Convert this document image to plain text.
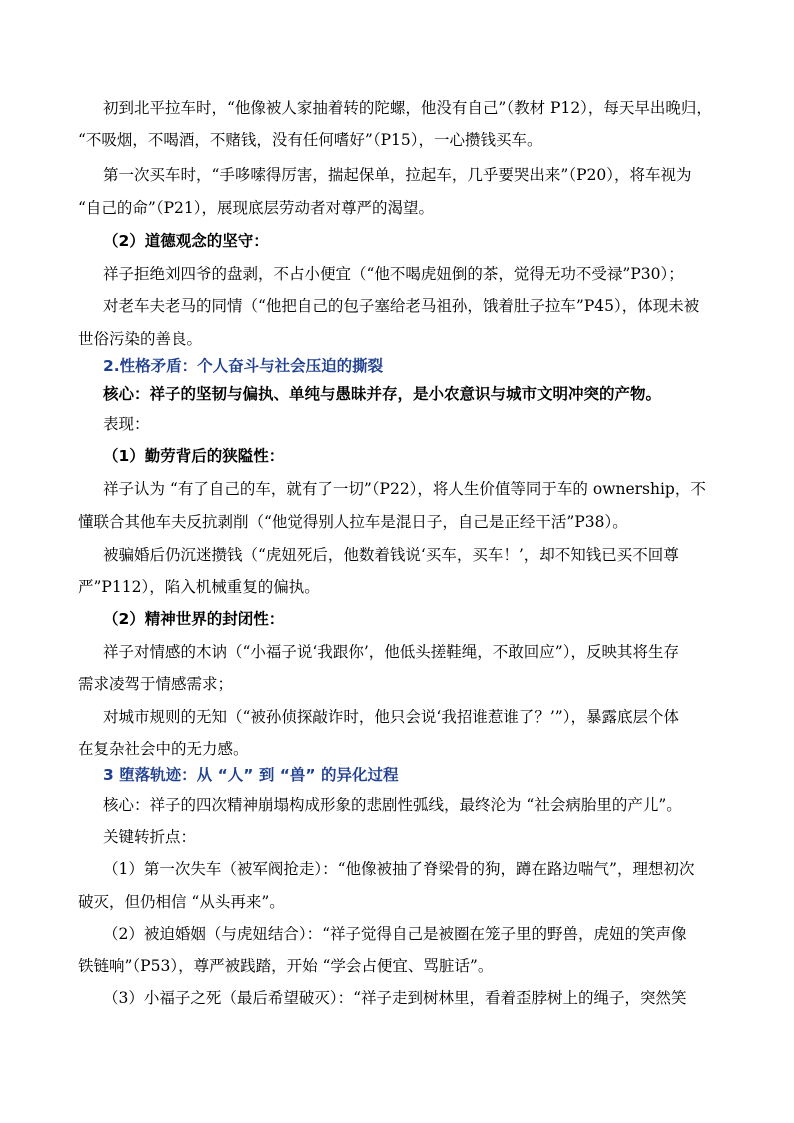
初到北平拉车时，“他像被人家抽着转的陀螺，他没有自己”（教材 P12），每天早出晚归，
“不吸烟，不喝酒，不赌钱，没有任何嗜好”（P15），一心攒钱买车。
第一次买车时，“手哆嗦得厉害，揣起保单，拉起车，几乎要哭出来”（P20），将车视为
“自己的命”（P21），展现底层劳动者对尊严的渴望。
（2）道德观念的坚守：
祥子拒绝刘四爷的盘剥，不占小便宜（“他不喝虎妞倒的茶，觉得无功不受禄”P30）；
对老车夫老马的同情（“他把自己的包子塞给老马祖孙，饿着肚子拉车”P45），体现未被
世俗污染的善良。
2.性格矛盾：个人奋斗与社会压迫的撕裂
核心：祥子的坚韧与偏执、单纯与愚昧并存，是小农意识与城市文明冲突的产物。
表现：
（1）勤劳背后的狭隘性：
祥子认为 “有了自己的车，就有了一切”（P22），将人生价值等同于车的 ownership，不
懂联合其他车夫反抗剥削（“他觉得别人拉车是混日子，自己是正经干活”P38）。
被骗婚后仍沉迷攒钱（“虎妞死后，他数着钱说‘买车，买车！’，却不知钱已买不回尊
严”P112），陷入机械重复的偏执。
（2）精神世界的封闭性：
祥子对情感的木讷（“小福子说‘我跟你’，他低头搓鞋绳，不敢回应”），反映其将生存
需求凌驾于情感需求；
对城市规则的无知（“被孙侦探敲诈时，他只会说‘我招谁惹谁了？’”），暴露底层个体
在复杂社会中的无力感。
3 堕落轨迹：从 “人” 到 “兽” 的异化过程
核心：祥子的四次精神崩塌构成形象的悲剧性弧线，最终沦为 “社会病胎里的产儿”。
关键转折点：
（1）第一次失车（被军阀抢走）：“他像被抽了脊梁骨的狗，蹲在路边喘气”，理想初次
破灭，但仍相信 “从头再来”。
（2）被迫婚姻（与虎妞结合）：“祥子觉得自己是被圈在笼子里的野兽，虎妞的笑声像
铁链响”（P53），尊严被践踏，开始 “学会占便宜、骂脏话”。
（3）小福子之死（最后希望破灭）：“祥子走到树林里，看着歪脖树上的绳子，突然笑
